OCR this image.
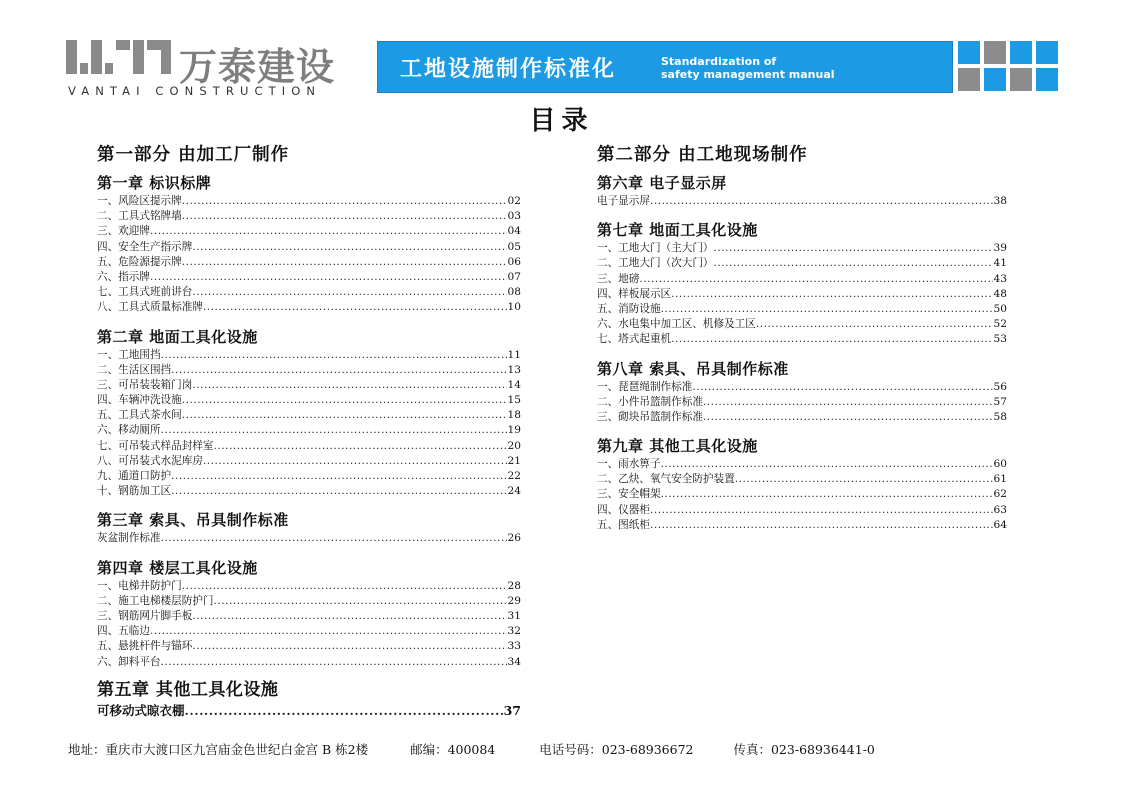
万泰建设
VANTAI CONSTRUCTION
工地设施制作标准化	Standardization of
safety management manual
目录
第一部分 由加工厂制作
第一章 标识标牌
一、风险区提示牌 .....	02
二、工具式铭牌墙 .....	03
三、欢迎牌 .....	04
四、安全生产指示牌 .....	05
五、危险源提示牌 .....	06
六、指示牌 .....	07
七、工具式班前讲台 .....	08
八、工具式质量标准牌 .....	10
第二章 地面工具化设施
一、工地围挡 .....	11
二、生活区围挡 .....	13
三、可吊装装箱门岗 .....	14
四、车辆冲洗设施 .....	15
五、工具式茶水间 .....	18
六、移动厕所 .....	19
七、可吊装式样品封样室 .....	20
八、可吊装式水泥库房 .....	21
九、通道口防护 .....	22
十、钢筋加工区 .....	24
第三章 索具、吊具制作标准
灰盆制作标准 .....	26
第四章 楼层工具化设施
一、电梯井防护门 .....	28
二、施工电梯楼层防护门 .....	29
三、钢筋网片脚手板 .....	31
四、五临边 .....	32
五、悬挑杆件与锚环 .....	33
六、卸料平台 .....	34
第五章 其他工具化设施
可移动式晾衣棚 .....	37
第二部分 由工地现场制作
第六章 电子显示屏
电子显示屏 .....	38
第七章 地面工具化设施
一、工地大门（主大门） .....	39
二、工地大门（次大门） .....	41
三、地磅 .....	43
四、样板展示区 .....	48
五、消防设施 .....	50
六、水电集中加工区、机修及工区 .....	52
七、塔式起重机 .....	53
第八章 索具、吊具制作标准
一、琵琶绳制作标准 .....	56
二、小件吊篮制作标准 .....	57
三、砌块吊篮制作标准 .....	58
第九章 其他工具化设施
一、雨水箅子 .....	60
二、乙炔、氧气安全防护装置 .....	61
三、安全帽架 .....	62
四、仪器柜 .....	63
五、图纸柜 .....	64
地址：重庆市大渡口区九宫庙金色世纪白金宫 B 栋2楼	邮编：400084	电话号码：023-68936672	传真：023-68936441-0
